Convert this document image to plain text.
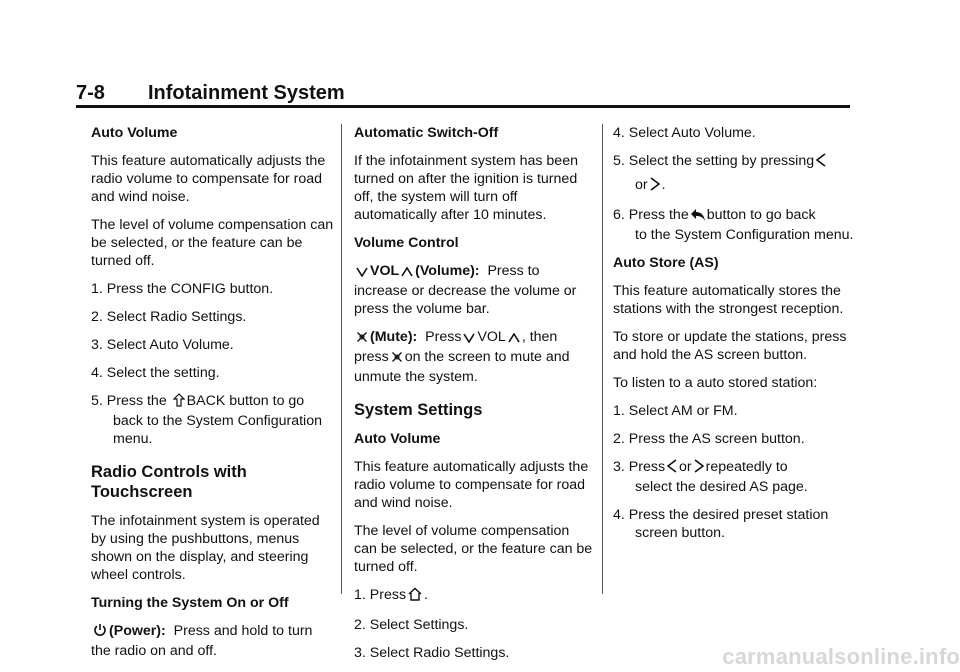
7-8 Infotainment System
Auto Volume

This feature automatically adjusts the radio volume to compensate for road and wind noise.

The level of volume compensation can be selected, or the feature can be turned off.

1. Press the CONFIG button.
2. Select Radio Settings.
3. Select Auto Volume.
4. Select the setting.
5. Press the BACK button to go
back to the System Configuration menu.
Radio Controls with Touchscreen

The infotainment system is operated by using the pushbuttons, menus shown on the display, and steering wheel controls.

Turning the System On or Off

(Power): Press and hold to turn the radio on and off.

Automatic Switch-Off

If the infotainment system has been turned on after the ignition is turned off, the system will turn off automatically after 10 minutes.

Volume Control

VOL (Volume): Press to increase or decrease the volume or press the volume bar.

(Mute): Press VOL , then
press on the screen to mute and unmute the system.

System Settings
Auto Volume

This feature automatically adjusts the radio volume to compensate for road and wind noise.

The level of volume compensation can be selected, or the feature can be turned off.

1. Press .
2. Select Settings.
3. Select Radio Settings.
4. Select Auto Volume.
5. Select the setting by pressing
or .
6. Press the button to go back
to the System Configuration menu.
Auto Store (AS)

This feature automatically stores the stations with the strongest reception.

To store or update the stations, press and hold the AS screen button.

To listen to a auto stored station:

1. Select AM or FM.
2. Press the AS screen button.
3. Press or repeatedly to
select the desired AS page.
4. Press the desired preset station
screen button.
carmanualsonline.info
